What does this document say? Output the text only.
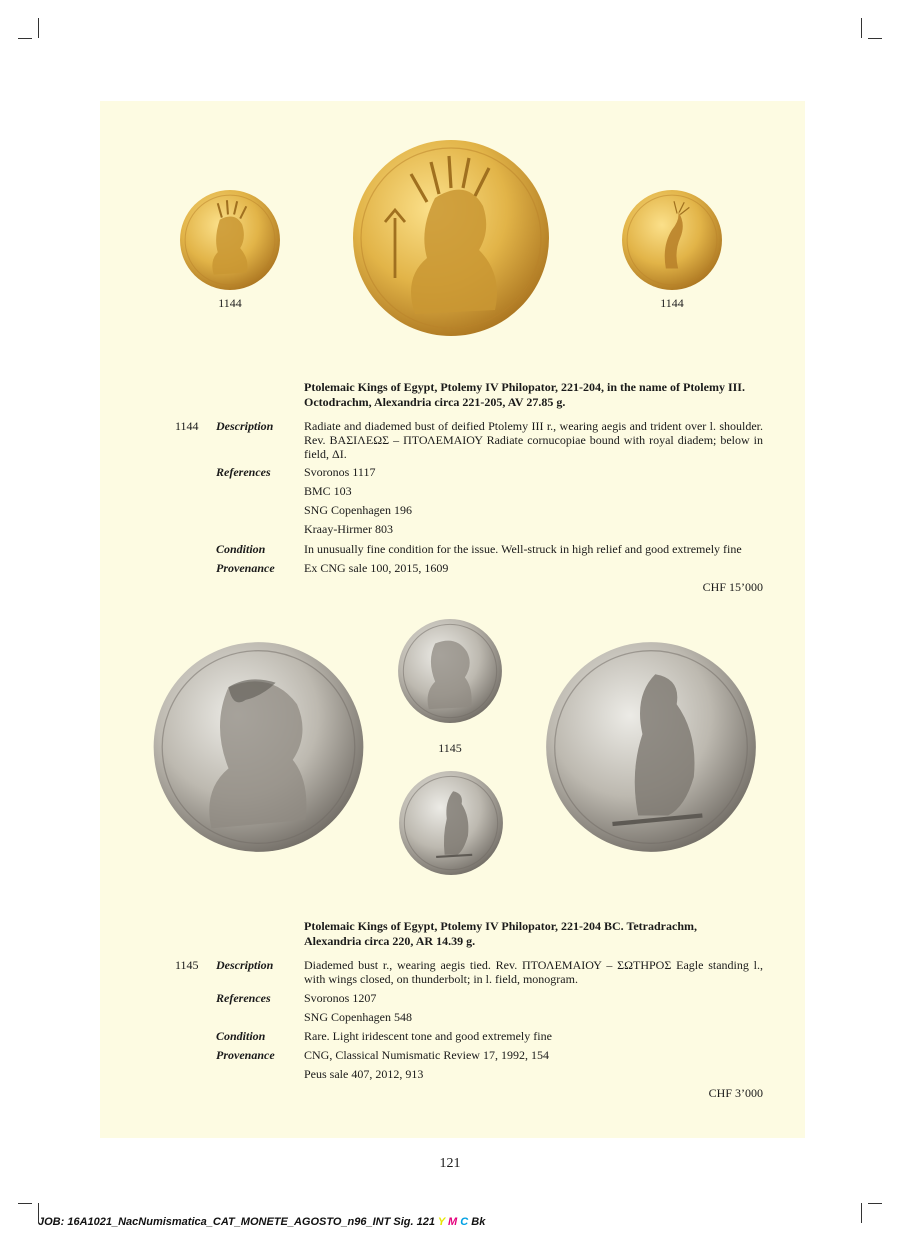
1144	1144
Ptolemaic Kings of Egypt, Ptolemy IV Philopator, 221-204, in the name of Ptolemy III.
Octodrachm, Alexandria circa 221-205, AV 27.85 g.
1144	Description	Radiate and diademed bust of deified Ptolemy III r., wearing aegis and trident over l. shoulder. Rev. ΒΑΣΙΛΕΩΣ – ΠΤΟΛΕΜΑΙΟΥ Radiate cornucopiae bound with royal diadem; below in field, ΔΙ.
References	Svoronos 1117
BMC 103
SNG Copenhagen 196
Kraay-Hirmer 803
Condition	In unusually fine condition for the issue. Well-struck in high relief and good extremely fine
Provenance	Ex CNG sale 100, 2015, 1609
CHF 15’000
1145
Ptolemaic Kings of Egypt, Ptolemy IV Philopator, 221-204 BC. Tetradrachm,
Alexandria circa 220, AR 14.39 g.
1145	Description	Diademed bust r., wearing aegis tied. Rev. ΠΤΟΛΕΜΑΙΟΥ – ΣΩΤΗΡΟΣ Eagle standing l., with wings closed, on thunderbolt; in l. field, monogram.
References	Svoronos 1207
SNG Copenhagen 548
Condition	Rare. Light iridescent tone and good extremely fine
Provenance	CNG, Classical Numismatic Review 17, 1992, 154
Peus sale 407, 2012, 913
CHF 3’000
121
JOB: 16A1021_NacNumismatica_CAT_MONETE_AGOSTO_n96_INT Sig. 121 Y M C Bk
